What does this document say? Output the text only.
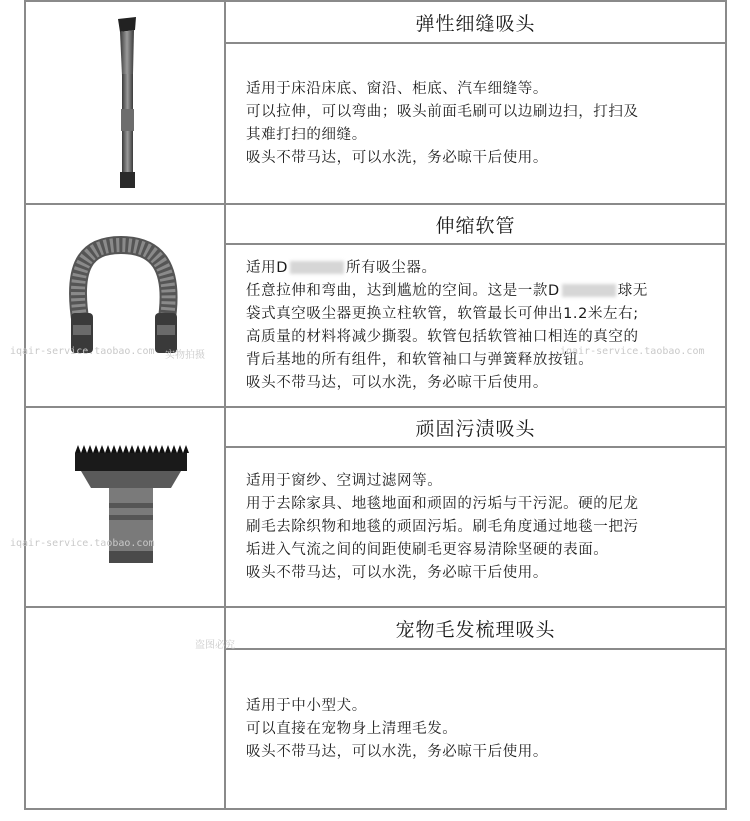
弹性细缝吸头
适用于床沿床底、窗沿、柜底、汽车细缝等。
可以拉伸，可以弯曲；吸头前面毛刷可以边刷边扫，打扫及
其难打扫的细缝。
吸头不带马达，可以水洗，务必晾干后使用。
伸缩软管
适用D	所有吸尘器。
任意拉伸和弯曲，达到尴尬的空间。这是一款D	球无
袋式真空吸尘器更换立柱软管，软管最长可伸出1.2米左右;
高质量的材料将减少撕裂。软管包括软管袖口相连的真空的
背后基地的所有组件，和软管袖口与弹簧释放按钮。
吸头不带马达，可以水洗，务必晾干后使用。
顽固污渍吸头
适用于窗纱、空调过滤网等。
用于去除家具、地毯地面和顽固的污垢与干污泥。硬的尼龙
刷毛去除织物和地毯的顽固污垢。刷毛角度通过地毯一把污
垢进入气流之间的间距使刷毛更容易清除坚硬的表面。
吸头不带马达，可以水洗，务必晾干后使用。
宠物毛发梳理吸头
适用于中小型犬。
可以直接在宠物身上清理毛发。
吸头不带马达，可以水洗，务必晾干后使用。
iqair-service.taobao.com
iqair-service.taobao.com
iqair-service.taobao.com
实物拍摄
盗图必究
